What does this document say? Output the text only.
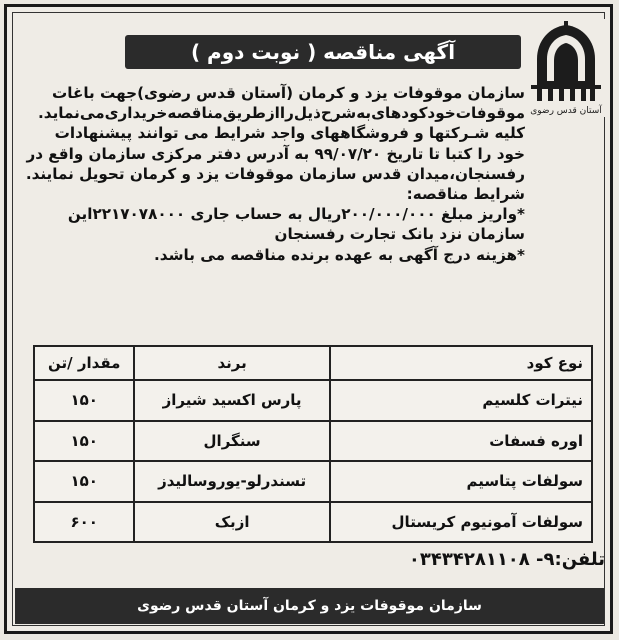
آگهی مناقصه ( نوبت دوم )
آستان قدس رضوی

سازمان موقوفات یزد و کرمان (آستان قدس رضوی)جهت باغات موقوفات‌خودکودهای‌به‌شرح‌ذیل‌را‌از‌طریق‌مناقصه‌خریداری‌می‌نماید.

کلیه شـرکتها و فروشگاههای واجد شرایط می توانند پیشنهادات خود را کتبا تا تاریخ ۹۹/۰۷/۲۰ به آدرس دفتر مرکزی سازمان واقع در رفسنجان،میدان قدس سازمان موقوفات یزد و کرمان تحویل نمایند.

شرایط مناقصه:

*واریز مبلغ ۲۰۰/۰۰۰/۰۰۰ریال به حساب جاری ۲۲۱۷۰۷۸۰۰۰این سازمان نزد بانک تجارت رفسنجان

*هزینه درج آگهی به عهده برنده مناقصه می باشد.

نوع کود	برند	مقدار /تن
نیترات کلسیم	پارس اکسید شیراز	۱۵۰
اوره فسفات	سنگرال	۱۵۰
سولفات پتاسیم	تسندرلو-یوروسالیدز	۱۵۰
سولفات آمونیوم کریستال	ازبک	۶۰۰
تلفن:۹- ۰۳۴۳۴۲۸۱۱۰۸
سازمان موقوفات یزد و کرمان آستان قدس رضوی
